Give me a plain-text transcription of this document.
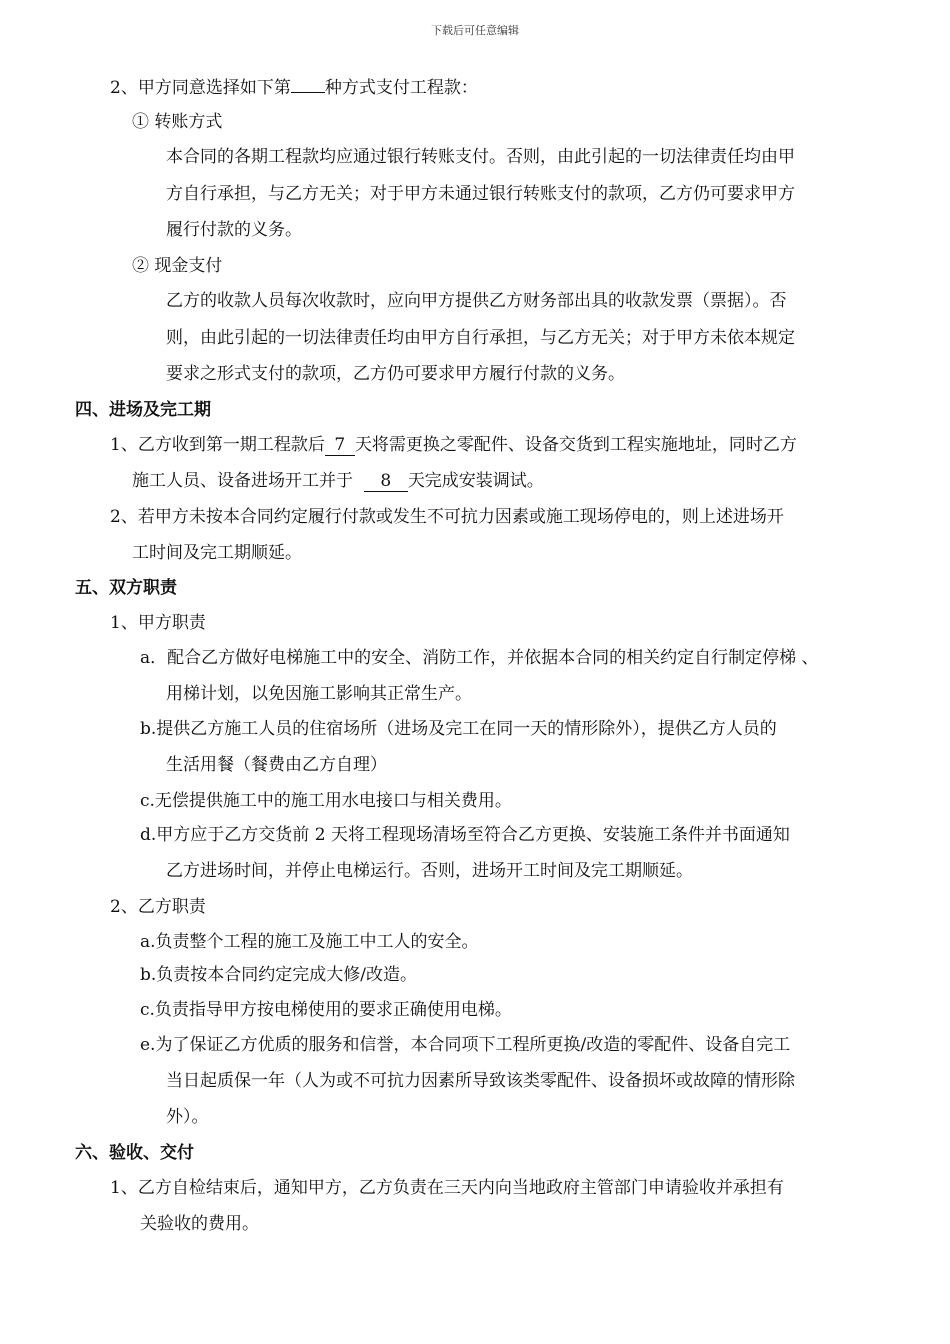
下载后可任意编辑
2、甲方同意选择如下第 种方式支付工程款：
① 转账方式
本合同的各期工程款均应通过银行转账支付。否则，由此引起的一切法律责任均由甲
方自行承担，与乙方无关；对于甲方未通过银行转账支付的款项，乙方仍可要求甲方
履行付款的义务。
② 现金支付
乙方的收款人员每次收款时，应向甲方提供乙方财务部出具的收款发票（票据）。否
则，由此引起的一切法律责任均由甲方自行承担，与乙方无关；对于甲方未依本规定
要求之形式支付的款项，乙方仍可要求甲方履行付款的义务。
四、进场及完工期
1、乙方收到第一期工程款后 7 天将需更换之零配件、设备交货到工程实施地址，同时乙方
施工人员、设备进场开工并于 8 天完成安装调试。
2、若甲方未按本合同约定履行付款或发生不可抗力因素或施工现场停电的，则上述进场开
工时间及完工期顺延。
五、双方职责
1、甲方职责
a．配合乙方做好电梯施工中的安全、消防工作，并依据本合同的相关约定自行制定停梯 、
用梯计划，以免因施工影响其正常生产。
b.提供乙方施工人员的住宿场所（进场及完工在同一天的情形除外），提供乙方人员的
生活用餐（餐费由乙方自理）
c.无偿提供施工中的施工用水电接口与相关费用。
d.甲方应于乙方交货前 2 天将工程现场清场至符合乙方更换、安装施工条件并书面通知
乙方进场时间，并停止电梯运行。否则，进场开工时间及完工期顺延。
2、乙方职责
a.负责整个工程的施工及施工中工人的安全。
b.负责按本合同约定完成大修/改造。
c.负责指导甲方按电梯使用的要求正确使用电梯。
e.为了保证乙方优质的服务和信誉，本合同项下工程所更换/改造的零配件、设备自完工
当日起质保一年（人为或不可抗力因素所导致该类零配件、设备损坏或故障的情形除
外）。
六、验收、交付
1、乙方自检结束后，通知甲方，乙方负责在三天内向当地政府主管部门申请验收并承担有
关验收的费用。
